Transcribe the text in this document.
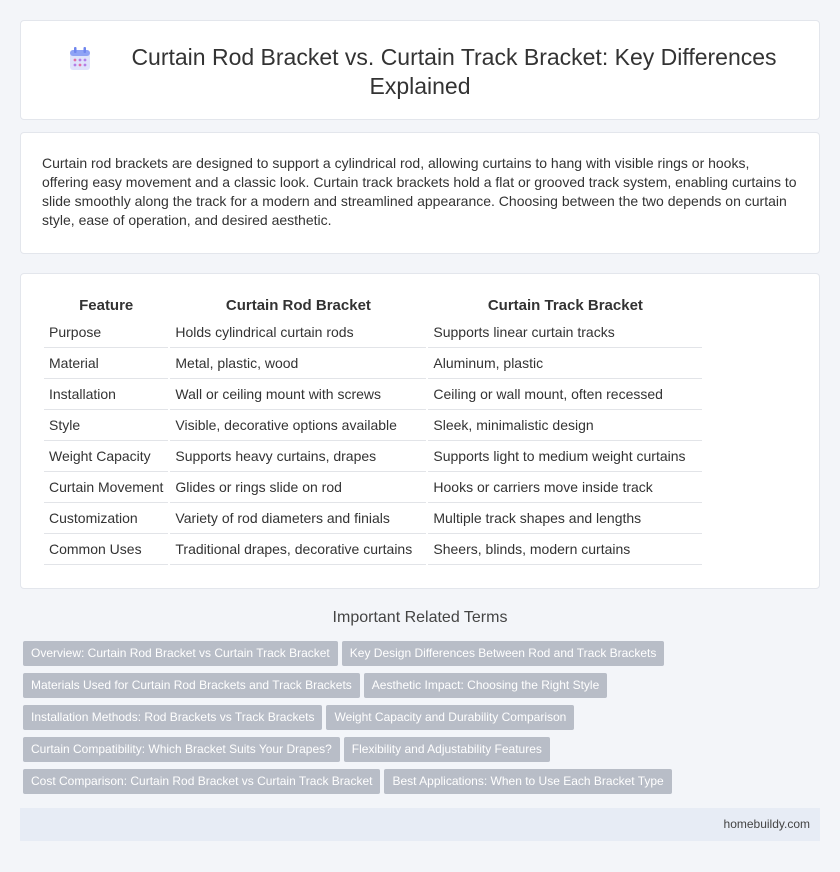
Curtain Rod Bracket vs. Curtain Track Bracket: Key Differences
Explained

Curtain rod brackets are designed to support a cylindrical rod, allowing curtains to hang with visible rings or hooks, offering easy movement and a classic look. Curtain track brackets hold a flat or grooved track system, enabling curtains to slide smoothly along the track for a modern and streamlined appearance. Choosing between the two depends on curtain style, ease of operation, and desired aesthetic.

Feature	Curtain Rod Bracket	Curtain Track Bracket
Purpose	Holds cylindrical curtain rods	Supports linear curtain tracks
Material	Metal, plastic, wood	Aluminum, plastic
Installation	Wall or ceiling mount with screws	Ceiling or wall mount, often recessed
Style	Visible, decorative options available	Sleek, minimalistic design
Weight Capacity	Supports heavy curtains, drapes	Supports light to medium weight curtains
Curtain Movement	Glides or rings slide on rod	Hooks or carriers move inside track
Customization	Variety of rod diameters and finials	Multiple track shapes and lengths
Common Uses	Traditional drapes, decorative curtains	Sheers, blinds, modern curtains
Important Related Terms
Overview: Curtain Rod Bracket vs Curtain Track Bracket Key Design Differences Between Rod and Track Brackets
Materials Used for Curtain Rod Brackets and Track Brackets Aesthetic Impact: Choosing the Right Style
Installation Methods: Rod Brackets vs Track Brackets Weight Capacity and Durability Comparison
Curtain Compatibility: Which Bracket Suits Your Drapes? Flexibility and Adjustability Features
Cost Comparison: Curtain Rod Bracket vs Curtain Track Bracket Best Applications: When to Use Each Bracket Type
homebuildy.com
